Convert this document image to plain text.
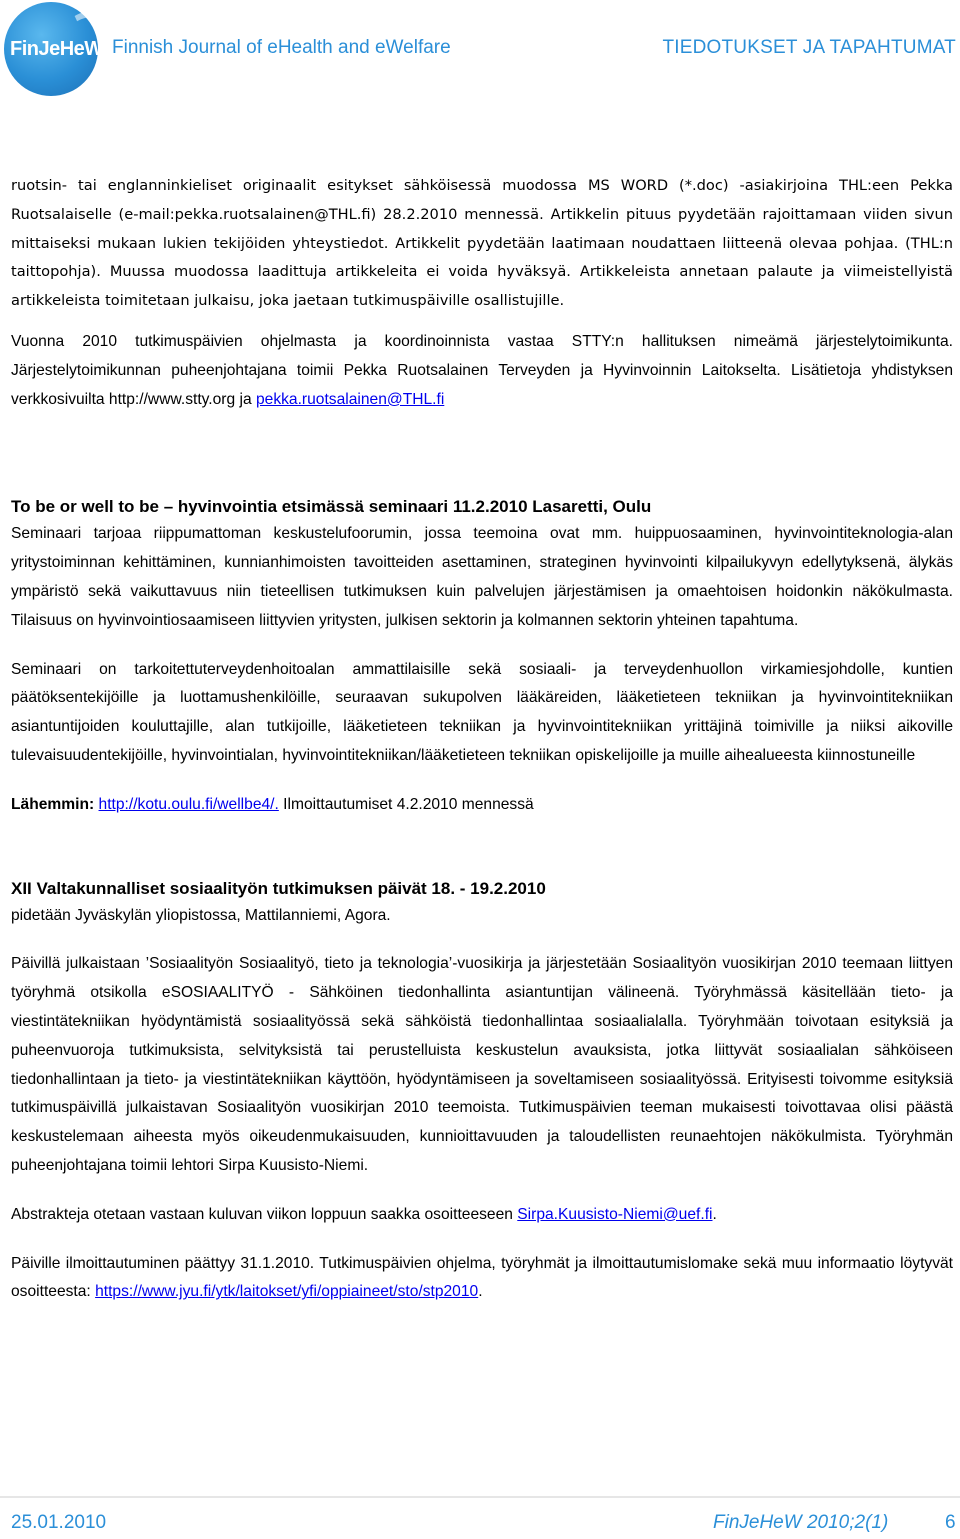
FinJeHeW Finnish Journal of eHealth and eWelfare	TIEDOTUKSET JA TAPAHTUMAT

ruotsin- tai englanninkieliset originaalit esitykset sähköisessä muodossa MS WORD (*.doc) -asiakirjoina THL:een Pekka Ruotsalaiselle (e-mail:pekka.ruotsalainen@THL.fi) 28.2.2010 mennessä. Artikkelin pituus pyydetään rajoittamaan viiden sivun mittaiseksi mukaan lukien tekijöiden yhteystiedot. Artikkelit pyydetään laatimaan noudattaen liitteenä olevaa pohjaa. (THL:n taittopohja). Muussa muodossa laadittuja artikkeleita ei voida hyväksyä. Artikkeleista annetaan palaute ja viimeistellyistä artikkeleista toimitetaan julkaisu, joka jaetaan tutkimuspäiville osallistujille.

Vuonna 2010 tutkimuspäivien ohjelmasta ja koordinoinnista vastaa STTY:n hallituksen nimeämä järjestelytoimikunta. Järjestelytoimikunnan puheenjohtajana toimii Pekka Ruotsalainen Terveyden ja Hyvinvoinnin Laitokselta. Lisätietoja yhdistyksen verkkosivuilta http://www.stty.org ja pekka.ruotsalainen@THL.fi

To be or well to be – hyvinvointia etsimässä seminaari 11.2.2010 Lasaretti, Oulu

Seminaari tarjoaa riippumattoman keskustelufoorumin, jossa teemoina ovat mm. huippuosaaminen, hyvinvointiteknologia-alan yritystoiminnan kehittäminen, kunnianhimoisten tavoitteiden asettaminen, strateginen hyvinvointi kilpailukyvyn edellytyksenä, älykäs ympäristö sekä vaikuttavuus niin tieteellisen tutkimuksen kuin palvelujen järjestämisen ja omaehtoisen hoidonkin näkökulmasta. Tilaisuus on hyvinvointiosaamiseen liittyvien yritysten, julkisen sektorin ja kolmannen sektorin yhteinen tapahtuma.

Seminaari on tarkoitettuterveydenhoitoalan ammattilaisille sekä sosiaali- ja terveydenhuollon virkamiesjohdolle, kuntien päätöksentekijöille ja luottamushenkilöille, seuraavan sukupolven lääkäreiden, lääketieteen tekniikan ja hyvinvointitekniikan asiantuntijoiden kouluttajille, alan tutkijoille, lääketieteen tekniikan ja hyvinvointitekniikan yrittäjinä toimiville ja niiksi aikoville tulevaisuudentekijöille, hyvinvointialan, hyvinvointitekniikan/lääketieteen tekniikan opiskelijoille ja muille aihealueesta kiinnostuneille

Lähemmin: http://kotu.oulu.fi/wellbe4/. Ilmoittautumiset 4.2.2010 mennessä

XII Valtakunnalliset sosiaalityön tutkimuksen päivät 18. - 19.2.2010

pidetään Jyväskylän yliopistossa, Mattilanniemi, Agora.

Päivillä julkaistaan ’Sosiaalityön Sosiaalityö, tieto ja teknologia’-vuosikirja ja järjestetään Sosiaalityön vuosikirjan 2010 teemaan liittyen työryhmä otsikolla eSOSIAALITYÖ - Sähköinen tiedonhallinta asiantuntijan välineenä. Työryhmässä käsitellään tieto- ja viestintätekniikan hyödyntämistä sosiaalityössä sekä sähköistä tiedonhallintaa sosiaalialalla. Työryhmään toivotaan esityksiä ja puheenvuoroja tutkimuksista, selvityksistä tai perustelluista keskustelun avauksista, jotka liittyvät sosiaalialan sähköiseen tiedonhallintaan ja tieto- ja viestintätekniikan käyttöön, hyödyntämiseen ja soveltamiseen sosiaalityössä. Erityisesti toivomme esityksiä tutkimuspäivillä julkaistavan Sosiaalityön vuosikirjan 2010 teemoista. Tutkimuspäivien teeman mukaisesti toivottavaa olisi päästä keskustelemaan aiheesta myös oikeudenmukaisuuden, kunnioittavuuden ja taloudellisten reunaehtojen näkökulmista. Työryhmän puheenjohtajana toimii lehtori Sirpa Kuusisto-Niemi.

Abstrakteja otetaan vastaan kuluvan viikon loppuun saakka osoitteeseen Sirpa.Kuusisto-Niemi@uef.fi.

Päiville ilmoittautuminen päättyy 31.1.2010. Tutkimuspäivien ohjelma, työryhmät ja ilmoittautumislomake sekä muu informaatio löytyvät osoitteesta: https://www.jyu.fi/ytk/laitokset/yfi/oppiaineet/sto/stp2010.

25.01.2010	FinJeHeW 2010;2(1)	6
